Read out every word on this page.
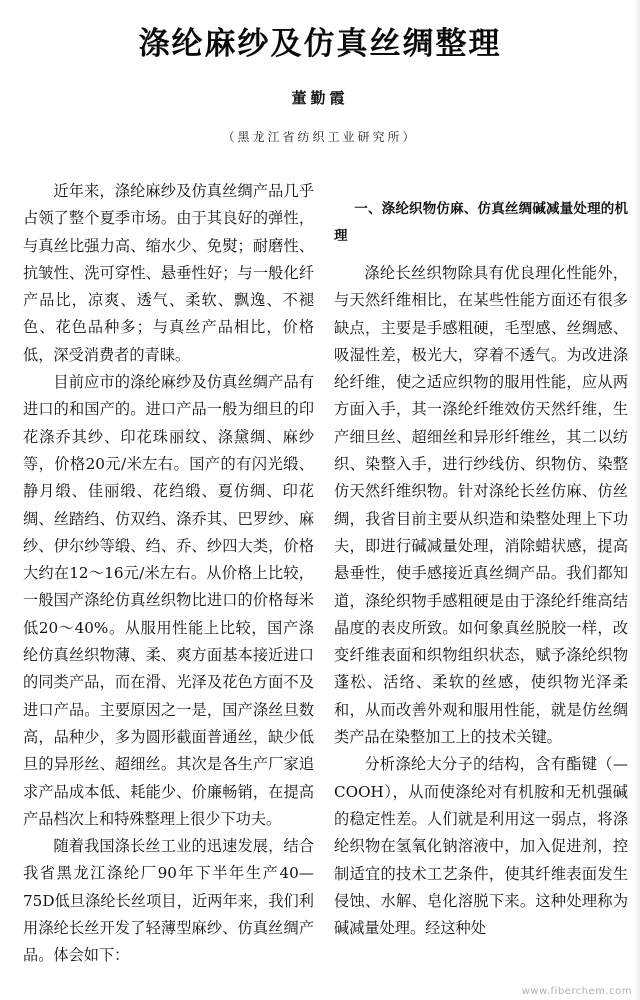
涤纶麻纱及仿真丝绸整理
董勤霞
（黑龙江省纺织工业研究所）

近年来，涤纶麻纱及仿真丝绸产品几乎占领了整个夏季市场。由于其良好的弹性，与真丝比强力高、缩水少、免熨；耐磨性、抗皱性、洗可穿性、悬垂性好；与一般化纤产品比，凉爽、透气、柔软、飘逸、不褪色、花色品种多；与真丝产品相比，价格低，深受消费者的青睐。

目前应市的涤纶麻纱及仿真丝绸产品有进口的和国产的。进口产品一般为细旦的印花涤乔其纱、印花珠丽纹、涤黛绸、麻纱等，价格20元/米左右。国产的有闪光缎、静月缎、佳丽缎、花绉缎、夏仿绸、印花绸、丝踏绉、仿双绉、涤乔其、巴罗纱、麻纱、伊尔纱等缎、绉、乔、纱四大类，价格大约在12～16元/米左右。从价格上比较，一般国产涤纶仿真丝织物比进口的价格每米低20～40%。从服用性能上比较，国产涤纶仿真丝织物薄、柔、爽方面基本接近进口的同类产品，而在滑、光泽及花色方面不及进口产品。主要原因之一是，国产涤丝旦数高，品种少，多为圆形截面普通丝，缺少低旦的异形丝、超细丝。其次是各生产厂家追求产品成本低、耗能少、价廉畅销，在提高产品档次上和特殊整理上很少下功夫。

随着我国涤长丝工业的迅速发展，结合我省黑龙江涤纶厂90年下半年生产40—75D低旦涤纶长丝项目，近两年来，我们利用涤纶长丝开发了轻薄型麻纱、仿真丝绸产品。体会如下：

一、涤纶织物仿麻、仿真丝绸碱减量处理的机理

涤纶长丝织物除具有优良理化性能外，与天然纤维相比，在某些性能方面还有很多缺点，主要是手感粗硬，毛型感、丝绸感、吸湿性差，极光大，穿着不透气。为改进涤纶纤维，使之适应织物的服用性能，应从两方面入手，其一涤纶纤维效仿天然纤维，生产细旦丝、超细丝和异形纤维丝，其二以纺织、染整入手，进行纱线仿、织物仿、染整仿天然纤维织物。针对涤纶长丝仿麻、仿丝绸，我省目前主要从织造和染整处理上下功夫，即进行碱减量处理，消除蜡状感，提高悬垂性，使手感接近真丝绸产品。我们都知道，涤纶织物手感粗硬是由于涤纶纤维高结晶度的表皮所致。如何象真丝脱胶一样，改变纤维表面和织物组织状态，赋予涤纶织物蓬松、活络、柔软的丝感，使织物光泽柔和，从而改善外观和服用性能，就是仿丝绸类产品在染整加工上的技术关键。

分析涤纶大分子的结构，含有酯键（—COOH），从而使涤纶对有机胺和无机强碱的稳定性差。人们就是利用这一弱点，将涤纶织物在氢氧化钠溶液中，加入促进剂，控制适宜的技术工艺条件，使其纤维表面发生侵蚀、水解、皂化溶脱下来。这种处理称为碱减量处理。经这种处

www.fiberchem.com
